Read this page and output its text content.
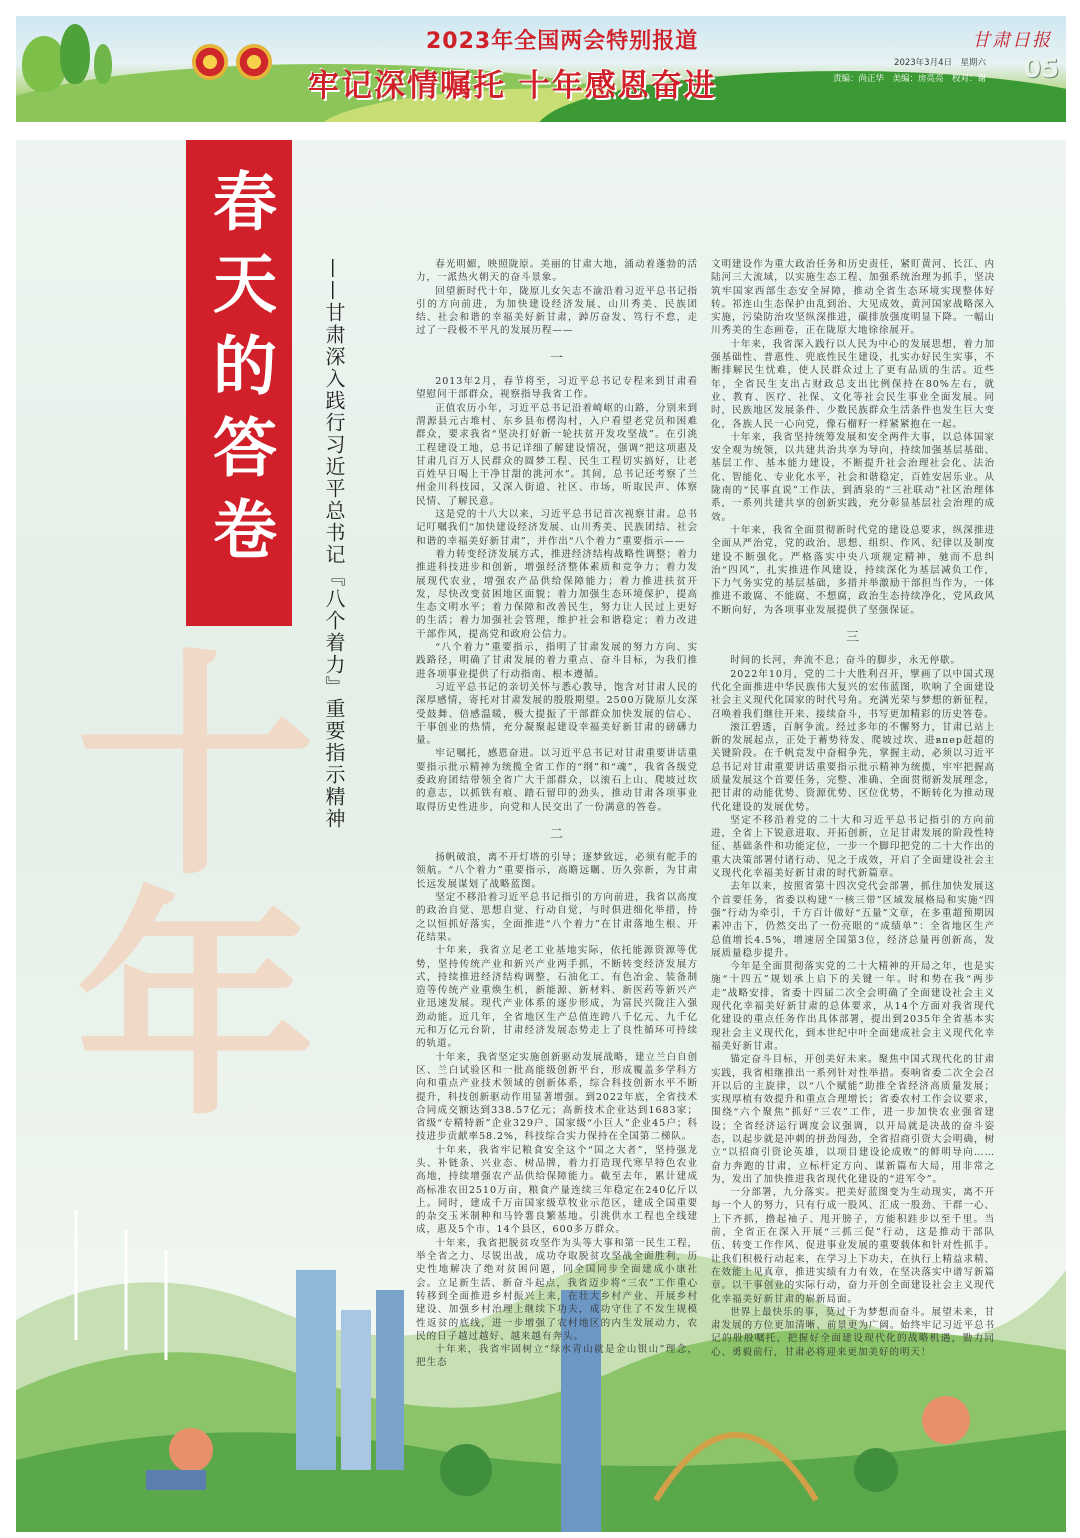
2023年全国两会特别报道
牢记深情嘱托 十年感恩奋进
甘肃日报
2023年3月4日　星期六
责编：尚正华　美编：房亮亮　校对：谢 05
十年
春天的答卷	——甘肃深入践行习近平总书记『八个着力』重要指示精神	春光明媚，映照陇原。美丽的甘肃大地，涌动着蓬勃的活力，一派热火朝天的奋斗景象。

回望新时代十年，陇原儿女矢志不渝沿着习近平总书记指引的方向前进，为加快建设经济发展、山川秀美、民族团结、社会和谐的幸福美好新甘肃，踔厉奋发、笃行不怠，走过了一段极不平凡的发展历程——

一

2013年2月，春节将至，习近平总书记专程来到甘肃看望慰问干部群众，视察指导我省工作。

正值农历小年，习近平总书记沿着崎岖的山路，分别来到渭源县元古堆村、东乡县布楞沟村，入户看望老党员和困难群众，要求我省“坚决打好新一轮扶贫开发攻坚战”。在引洮工程建设工地，总书记详细了解建设情况，强调“把这项惠及甘肃几百万人民群众的圆梦工程、民生工程切实搞好，让老百姓早日喝上干净甘甜的洮河水”。其间，总书记还考察了兰州金川科技园，又深入街道、社区、市场，听取民声、体察民情、了解民意。

这是党的十八大以来，习近平总书记首次视察甘肃。总书记叮嘱我们“加快建设经济发展、山川秀美、民族团结、社会和谐的幸福美好新甘肃”，并作出“八个着力”重要指示——

着力转变经济发展方式，推进经济结构战略性调整；着力推进科技进步和创新，增强经济整体素质和竞争力；着力发展现代农业，增强农产品供给保障能力；着力推进扶贫开发，尽快改变贫困地区面貌；着力加强生态环境保护，提高生态文明水平；着力保障和改善民生，努力让人民过上更好的生活；着力加强社会管理，维护社会和谐稳定；着力改进干部作风，提高党和政府公信力。

“八个着力”重要指示，指明了甘肃发展的努力方向、实践路径，明确了甘肃发展的着力重点、奋斗目标，为我们推进各项事业提供了行动指南、根本遵循。

习近平总书记的亲切关怀与悉心教导，饱含对甘肃人民的深厚感情，寄托对甘肃发展的殷殷期望。2500万陇原儿女深受鼓舞、倍感温暖，极大提振了干部群众加快发展的信心、干事创业的热情，充分凝聚起建设幸福美好新甘肃的磅礴力量。

牢记嘱托，感恩奋进。以习近平总书记对甘肃重要讲话重要指示批示精神为统揽全省工作的“纲”和“魂”，我省各级党委政府团结带领全省广大干部群众，以滚石上山、爬坡过坎的意志，以抓铁有痕、踏石留印的劲头，推动甘肃各项事业取得历史性进步，向党和人民交出了一份满意的答卷。

二

扬帆破浪，离不开灯塔的引导；逐梦致远，必须有舵手的领航。“八个着力”重要指示，高瞻远瞩、历久弥新，为甘肃长远发展谋划了战略蓝图。

坚定不移沿着习近平总书记指引的方向前进，我省以高度的政治自觉、思想自觉、行动自觉，与时俱进细化举措，持之以恒抓好落实，全面推进“八个着力”在甘肃落地生根、开花结果。

十年来，我省立足老工业基地实际，依托能源资源等优势，坚持传统产业和新兴产业两手抓，不断转变经济发展方式，持续推进经济结构调整，石油化工、有色冶金、装备制造等传统产业重焕生机，新能源、新材料、新医药等新兴产业迅速发展。现代产业体系的逐步形成，为富民兴陇注入强劲动能。近几年，全省地区生产总值连跨八千亿元、九千亿元和万亿元台阶，甘肃经济发展态势走上了良性循环可持续的轨道。

十年来，我省坚定实施创新驱动发展战略，建立兰白自创区、兰白试验区和一批高能级创新平台，形成覆盖多学科方向和重点产业技术领域的创新体系，综合科技创新水平不断提升，科技创新驱动作用显著增强。到2022年底，全省技术合同成交额达到338.57亿元；高新技术企业达到1683家；省级“专精特新”企业329户、国家级“小巨人”企业45户；科技进步贡献率58.2%，科技综合实力保持在全国第二梯队。

十年来，我省牢记粮食安全这个“国之大者”，坚持强龙头、补链条、兴业态、树品牌，着力打造现代寒旱特色农业高地，持续增强农产品供给保障能力。截至去年，累计建成高标准农田2510万亩，粮食产量连续三年稳定在240亿斤以上。同时，建成千万亩国家级草牧业示范区，建成全国重要的杂交玉米制种和马铃薯良繁基地。引洮供水工程也全线建成，惠及5个市、14个县区，600多万群众。

十年来，我省把脱贫攻坚作为头等大事和第一民生工程，举全省之力、尽锐出战，成功夺取脱贫攻坚战全面胜利，历史性地解决了绝对贫困问题，同全国同步全面建成小康社会。立足新生活、新奋斗起点，我省迈步将“三农”工作重心转移到全面推进乡村振兴上来，在壮大乡村产业、开展乡村建设、加强乡村治理上继续下功夫，成功守住了不发生规模性返贫的底线，进一步增强了农村地区的内生发展动力，农民的日子越过越好、越来越有奔头。

十年来，我省牢固树立“绿水青山就是金山银山”理念，把生态

文明建设作为重大政治任务和历史责任，紧盯黄河、长江、内陆河三大流域，以实施生态工程、加强系统治理为抓手，坚决筑牢国家西部生态安全屏障，推动全省生态环境实现整体好转。祁连山生态保护由乱到治、大见成效，黄河国家战略深入实施，污染防治攻坚纵深推进，碳排放强度明显下降。一幅山川秀美的生态画卷，正在陇原大地徐徐展开。

十年来，我省深入践行以人民为中心的发展思想，着力加强基础性、普惠性、兜底性民生建设，扎实办好民生实事，不断排解民生忧难，使人民群众过上了更有品质的生活。近些年，全省民生支出占财政总支出比例保持在80%左右，就业、教育、医疗、社保、文化等社会民生事业全面发展。同时，民族地区发展条件、少数民族群众生活条件也发生巨大变化，各族人民一心向党，像石榴籽一样紧紧抱在一起。

十年来，我省坚持统筹发展和安全两件大事，以总体国家安全观为统领，以共建共治共享为导向，持续加强基层基础、基层工作、基本能力建设，不断提升社会治理社会化、法治化、智能化、专业化水平，社会和谐稳定，百姓安居乐业。从陇南的“民事直说”工作法，到酒泉的“三社联动”社区治理体系，一系列共建共享的创新实践，充分彰显基层社会治理的成效。

十年来，我省全面贯彻新时代党的建设总要求，纵深推进全面从严治党，党的政治、思想、组织、作风、纪律以及制度建设不断强化。严格落实中央八项规定精神，驰而不息纠治“四风”，扎实推进作风建设，持续深化为基层减负工作，下力气务实党的基层基础，多措并举激励干部担当作为，一体推进不敢腐、不能腐、不想腐，政治生态持续净化，党风政风不断向好，为各项事业发展提供了坚强保证。

三

时间的长河，奔流不息；奋斗的脚步，永无停歇。

2022年10月，党的二十大胜利召开，擘画了以中国式现代化全面推进中华民族伟大复兴的宏伟蓝图，吹响了全面建设社会主义现代化国家的时代号角。充满光荣与梦想的新征程，召唤着我们继往开来、接续奋斗，书写更加精彩的历史答卷。

滚江碧透，百舸争流。经过多年的不懈努力，甘肃已站上新的发展起点，正处于蓄势待发、爬坡过坎、进впер赶超的关键阶段。在千帆竞发中奋楫争先，掌握主动，必须以习近平总书记对甘肃重要讲话重要指示批示精神为统揽，牢牢把握高质量发展这个首要任务，完整、准确、全面贯彻新发展理念，把甘肃的动能优势、资源优势、区位优势，不断转化为推动现代化建设的发展优势。

坚定不移沿着党的二十大和习近平总书记指引的方向前进，全省上下锐意进取、开拓创新，立足甘肃发展的阶段性特征、基础条件和功能定位，一步一个脚印把党的二十大作出的重大决策部署付诸行动、见之于成效，开启了全面建设社会主义现代化幸福美好新甘肃的时代新篇章。

去年以来，按照省第十四次党代会部署，抓住加快发展这个首要任务，省委以构建“一核三带”区域发展格局和实施“四强”行动为牵引，千方百计做好“五量”文章，在多重超预期因素冲击下，仍然交出了一份亮眼的“成绩单”：全省地区生产总值增长4.5%，增速居全国第3位，经济总量再创新高，发展质量稳步提升。

今年是全面贯彻落实党的二十大精神的开局之年，也是实施“十四五”规划承上启下的关键一年。时和势在我“两步走”战略安排，省委十四届二次全会明确了全面建设社会主义现代化幸福美好新甘肃的总体要求，从14个方面对我省现代化建设的重点任务作出具体部署，提出到2035年全省基本实现社会主义现代化，到本世纪中叶全面建成社会主义现代化幸福美好新甘肃。

锚定奋斗目标，开创美好未来。聚焦中国式现代化的甘肃实践，我省相继推出一系列针对性举措。奏响省委二次全会召开以后的主旋律，以“八个赋能”助推全省经济高质量发展；实现厚植有效提升和重点合理增长；省委农村工作会议要求，围绕“六个聚焦”抓好“三农”工作，进一步加快农业强省建设；全省经济运行调度会议强调，以开局就是决战的奋斗姿态，以起步就是冲刺的拼劲闯劲，全省招商引资大会明确，树立“以招商引资论英雄，以项目建设论成败”的鲜明导向……奋力奔跑的甘肃，立标杆定方向、谋新篇布大局，用非常之为，发出了加快推进我省现代化建设的“进军令”。

一分部署，九分落实。把美好蓝图变为生动现实，离不开每一个人的努力，只有行成一股风、汇成一股劲、干群一心、上下齐抓，撸起袖子、甩开膀子，方能积跬步以至千里。当前，全省正在深入开展“三抓三促”行动，这是推动干部队伍、转变工作作风、促进事业发展的重要载体和针对性抓手。让我们积极行动起来，在学习上下功夫，在执行上精益求精、在效能上见真章，推进实绩有力有效，在坚决落实中谱写新篇章。以干事创业的实际行动，奋力开创全面建设社会主义现代化幸福美好新甘肃的崭新局面。

世界上最快乐的事，莫过于为梦想而奋斗。展望未来，甘肃发展的方位更加清晰、前景更为广阔。始终牢记习近平总书记的殷殷嘱托，把握好全面建设现代化的战略机遇，勠力同心、勇毅前行，甘肃必将迎来更加美好的明天！
